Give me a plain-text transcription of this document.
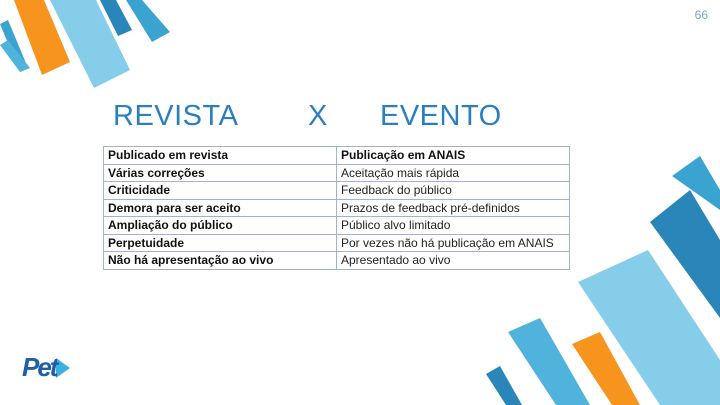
66
REVISTA X EVENTO
Publicado em revista	Publicação em ANAIS
Várias correções	Aceitação mais rápida
Criticidade	Feedback do público
Demora para ser aceito	Prazos de feedback pré-definidos
Ampliação do público	Público alvo limitado
Perpetuidade	Por vezes não há publicação em ANAIS
Não há apresentação ao vivo	Apresentado ao vivo
Pet
